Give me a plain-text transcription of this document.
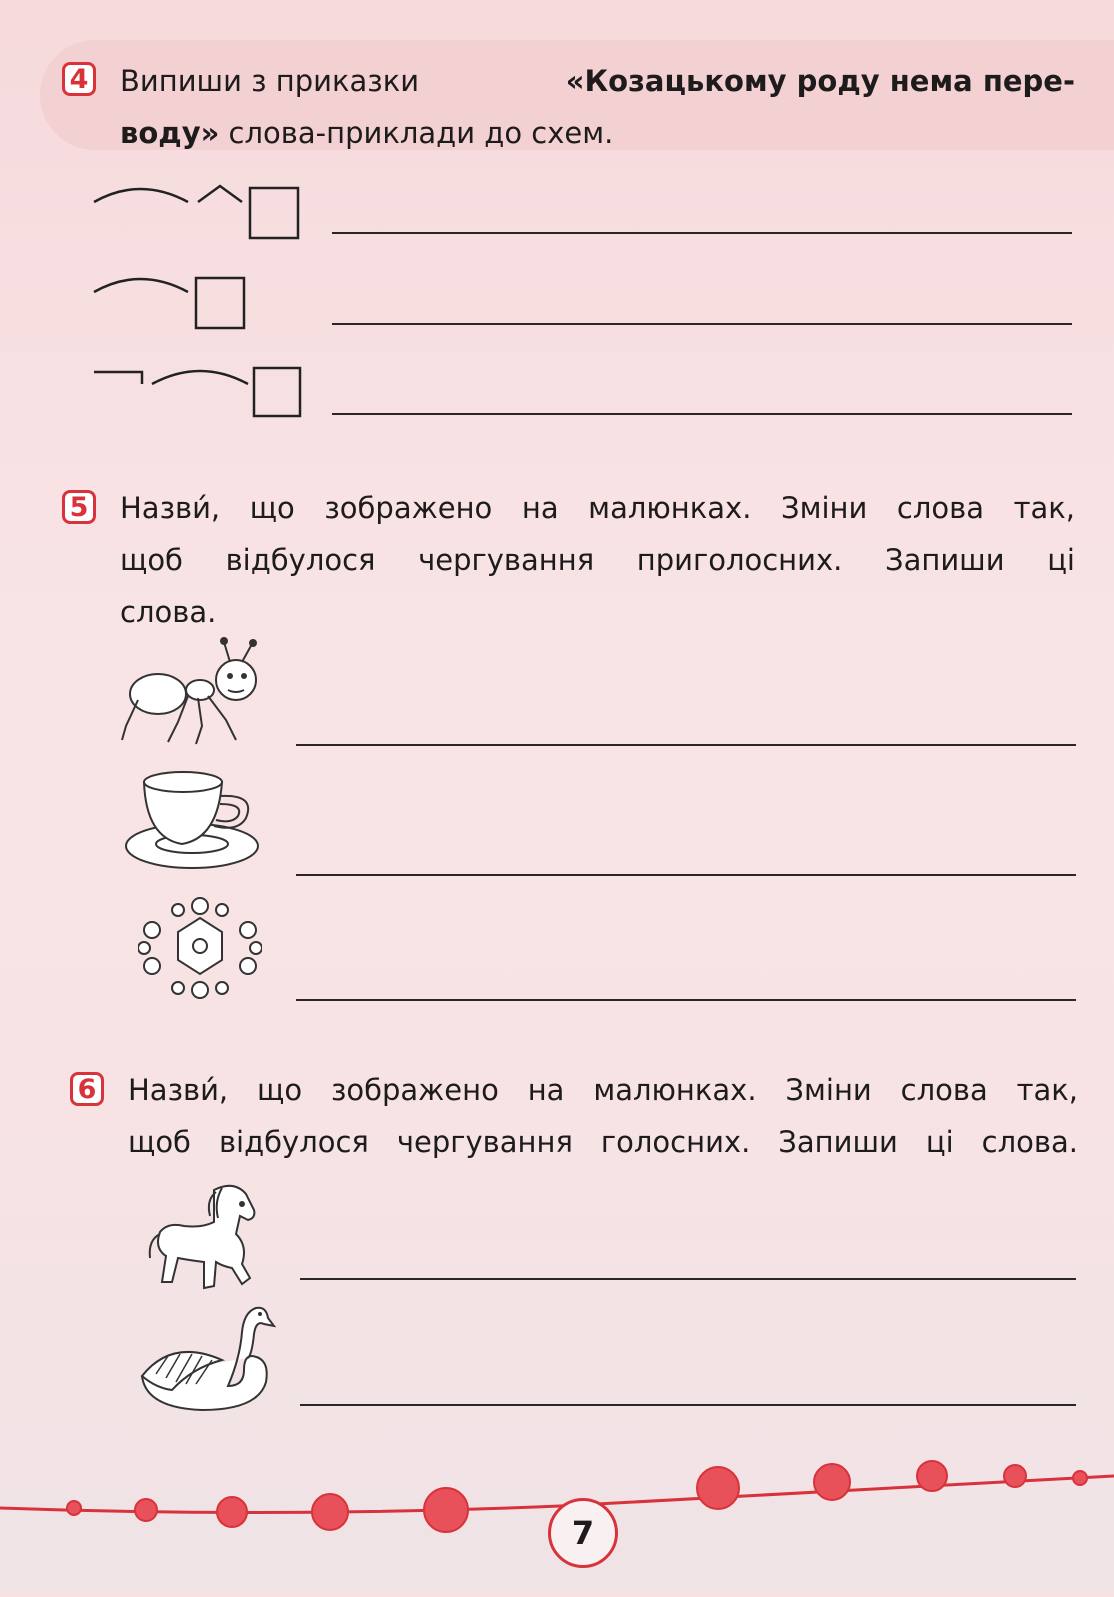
4 Випиши з приказки	«Козацькому роду нема пере-
воду» слова-приклади до схем.
5 Назви́, що зображено на малюнках. Зміни слова так,
щоб відбулося чергування приголосних. Запиши ці
слова.
6 Назви́, що зображено на малюнках. Зміни слова так,
щоб відбулося чергування голосних. Запиши ці слова.
7
